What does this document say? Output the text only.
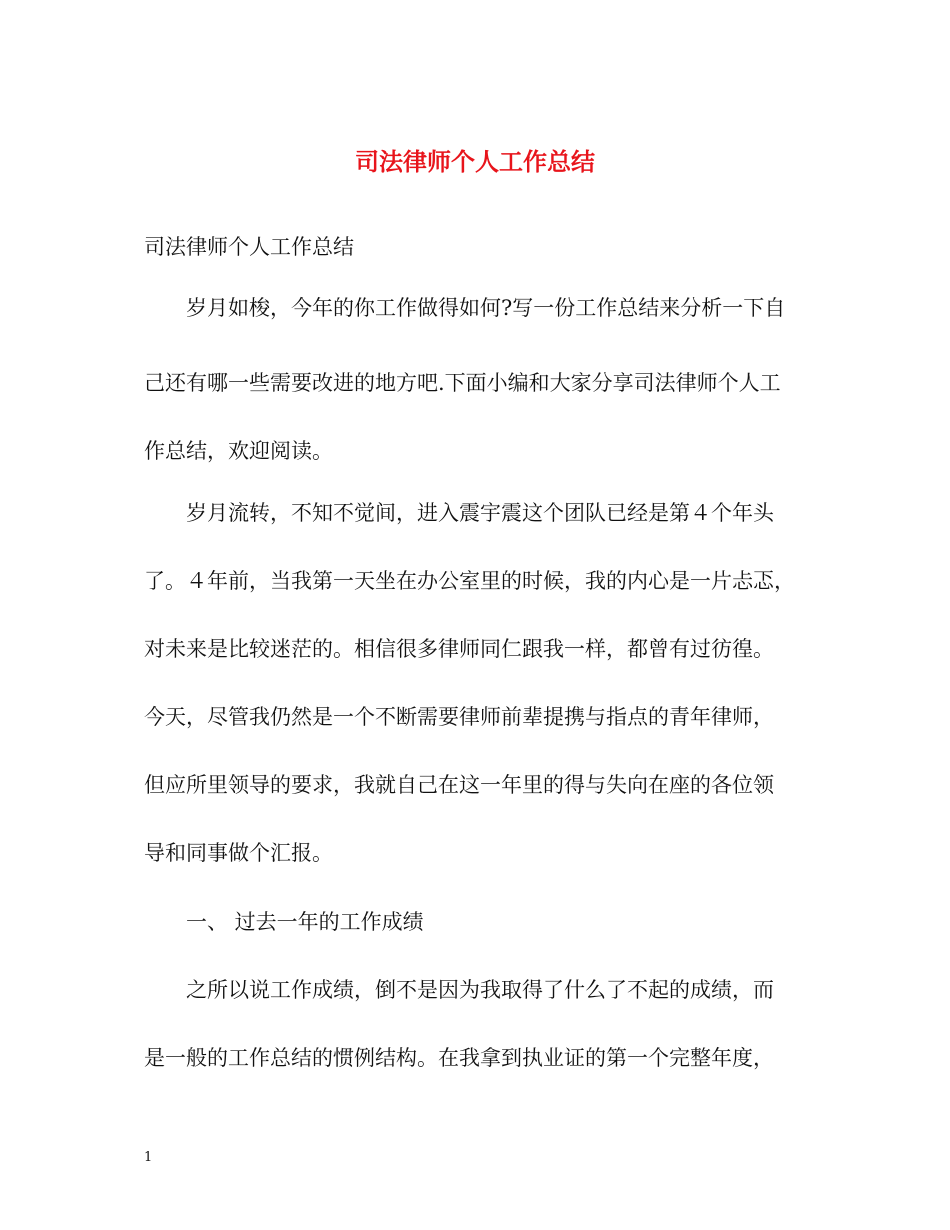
司法律师个人工作总结

司法律师个人工作总结

岁月如梭，今年的你工作做得如何?写一份工作总结来分析一下自

己还有哪一些需要改进的地方吧.下面小编和大家分享司法律师个人工

作总结，欢迎阅读。

岁月流转，不知不觉间，进入震宇震这个团队已经是第４个年头

了。４年前，当我第一天坐在办公室里的时候，我的内心是一片忐忑，

对未来是比较迷茫的。相信很多律师同仁跟我一样，都曾有过彷徨。

今天，尽管我仍然是一个不断需要律师前辈提携与指点的青年律师，

但应所里领导的要求，我就自己在这一年里的得与失向在座的各位领

导和同事做个汇报。

一、 过去一年的工作成绩

之所以说工作成绩，倒不是因为我取得了什么了不起的成绩，而

是一般的工作总结的惯例结构。在我拿到执业证的第一个完整年度，

1
